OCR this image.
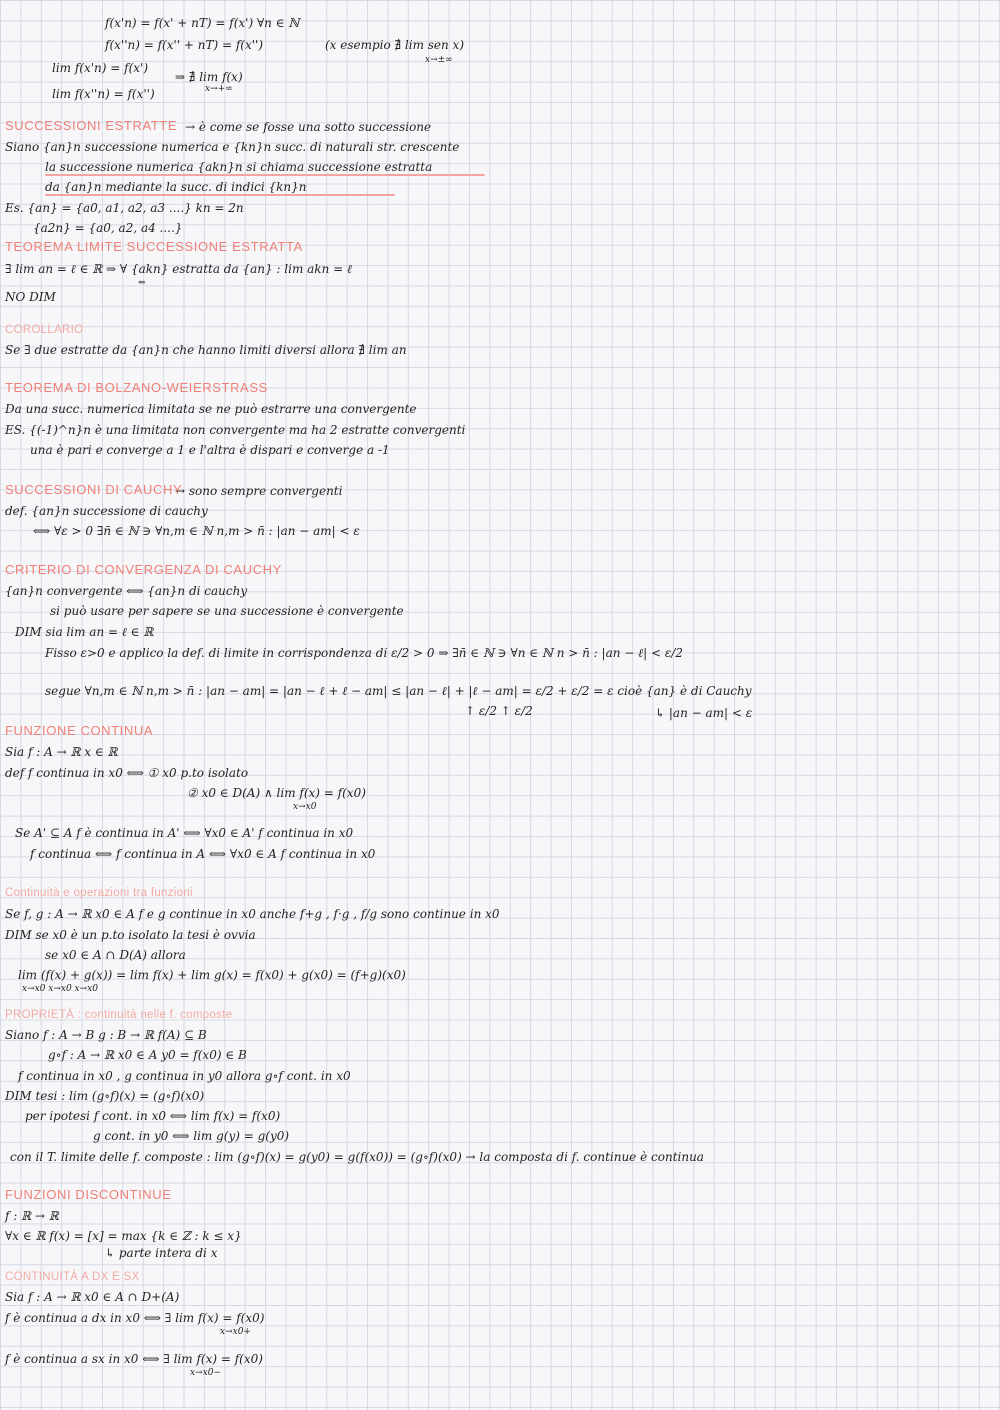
SUCCESSIONI ESTRATTE
TEOREMA LIMITE SUCCESSIONE ESTRATTA
COROLLARIO
TEOREMA DI BOLZANO-WEIERSTRASS
SUCCESSIONI DI CAUCHY
CRITERIO DI CONVERGENZA DI CAUCHY
FUNZIONE CONTINUA
Continuità e operazioni tra funzioni
PROPRIETÀ : continuità nelle f. composte
FUNZIONI DISCONTINUE
CONTINUITÀ A DX E SX
f(x'n) = f(x' + nT) = f(x') ∀n ∈ ℕ
f(x''n) = f(x'' + nT) = f(x'')	(x esempio ∄ lim sen x)
x→±∞
lim f(x'n) = f(x')
⇒ ∄ lim f(x)
x→+∞
lim f(x''n) = f(x'')
→ è come se fosse una sotto successione
Siano {an}n successione numerica e {kn}n succ. di naturali str. crescente
la successione numerica {akn}n si chiama successione estratta
da {an}n mediante la succ. di indici {kn}n
Es. {an} = {a0, a1, a2, a3 ....} kn = 2n
{a2n} = {a0, a2, a4 ....}
∃ lim an = ℓ ∈ ℝ ⇒ ∀ {akn} estratta da {an} : lim akn = ℓ
⇐
NO DIM
Se ∃ due estratte da {an}n che hanno limiti diversi allora ∄ lim an
Da una succ. numerica limitata se ne può estrarre una convergente
ES. {(-1)^n}n è una limitata non convergente ma ha 2 estratte convergenti
una è pari e converge a 1 e l'altra è dispari e converge a -1
→ sono sempre convergenti
def. {an}n successione di cauchy
⟺ ∀ε > 0 ∃n̄ ∈ ℕ ∋ ∀n,m ∈ ℕ n,m > n̄ : |an − am| < ε
{an}n convergente ⟺ {an}n di cauchy
si può usare per sapere se una successione è convergente
DIM sia lim an = ℓ ∈ ℝ
Fisso ε>0 e applico la def. di limite in corrispondenza di ε/2 > 0 ⇒ ∃n̄ ∈ ℕ ∋ ∀n ∈ ℕ n > n̄ : |an − ℓ| < ε/2
segue ∀n,m ∈ ℕ n,m > n̄ : |an − am| = |an − ℓ + ℓ − am| ≤ |an − ℓ| + |ℓ − am| = ε/2 + ε/2 = ε cioè {an} è di Cauchy
↑ ε/2 ↑ ε/2	↳ |an − am| < ε
Sia f : A → ℝ x ∈ ℝ
def f continua in x0 ⟺ ① x0 p.to isolato
② x0 ∈ D(A) ∧ lim f(x) = f(x0)
x→x0
Se A' ⊆ A f è continua in A' ⟺ ∀x0 ∈ A' f continua in x0
f continua ⟺ f continua in A ⟺ ∀x0 ∈ A f continua in x0
Se f, g : A → ℝ x0 ∈ A f e g continue in x0 anche f+g , f·g , f/g sono continue in x0
DIM se x0 è un p.to isolato la tesi è ovvia
se x0 ∈ A ∩ D(A) allora
lim (f(x) + g(x)) = lim f(x) + lim g(x) = f(x0) + g(x0) = (f+g)(x0)
x→x0 x→x0 x→x0
Siano f : A → B g : B → ℝ f(A) ⊆ B
g∘f : A → ℝ x0 ∈ A y0 = f(x0) ∈ B
f continua in x0 , g continua in y0 allora g∘f cont. in x0
DIM tesi : lim (g∘f)(x) = (g∘f)(x0)
per ipotesi f cont. in x0 ⟺ lim f(x) = f(x0)
g cont. in y0 ⟺ lim g(y) = g(y0)
con il T. limite delle f. composte : lim (g∘f)(x) = g(y0) = g(f(x0)) = (g∘f)(x0) → la composta di f. continue è continua
f : ℝ → ℝ
∀x ∈ ℝ f(x) = [x] = max {k ∈ ℤ : k ≤ x}
↳ parte intera di x
Sia f : A → ℝ x0 ∈ A ∩ D+(A)
f è continua a dx in x0 ⟺ ∃ lim f(x) = f(x0)
x→x0+
f è continua a sx in x0 ⟺ ∃ lim f(x) = f(x0)
x→x0−
